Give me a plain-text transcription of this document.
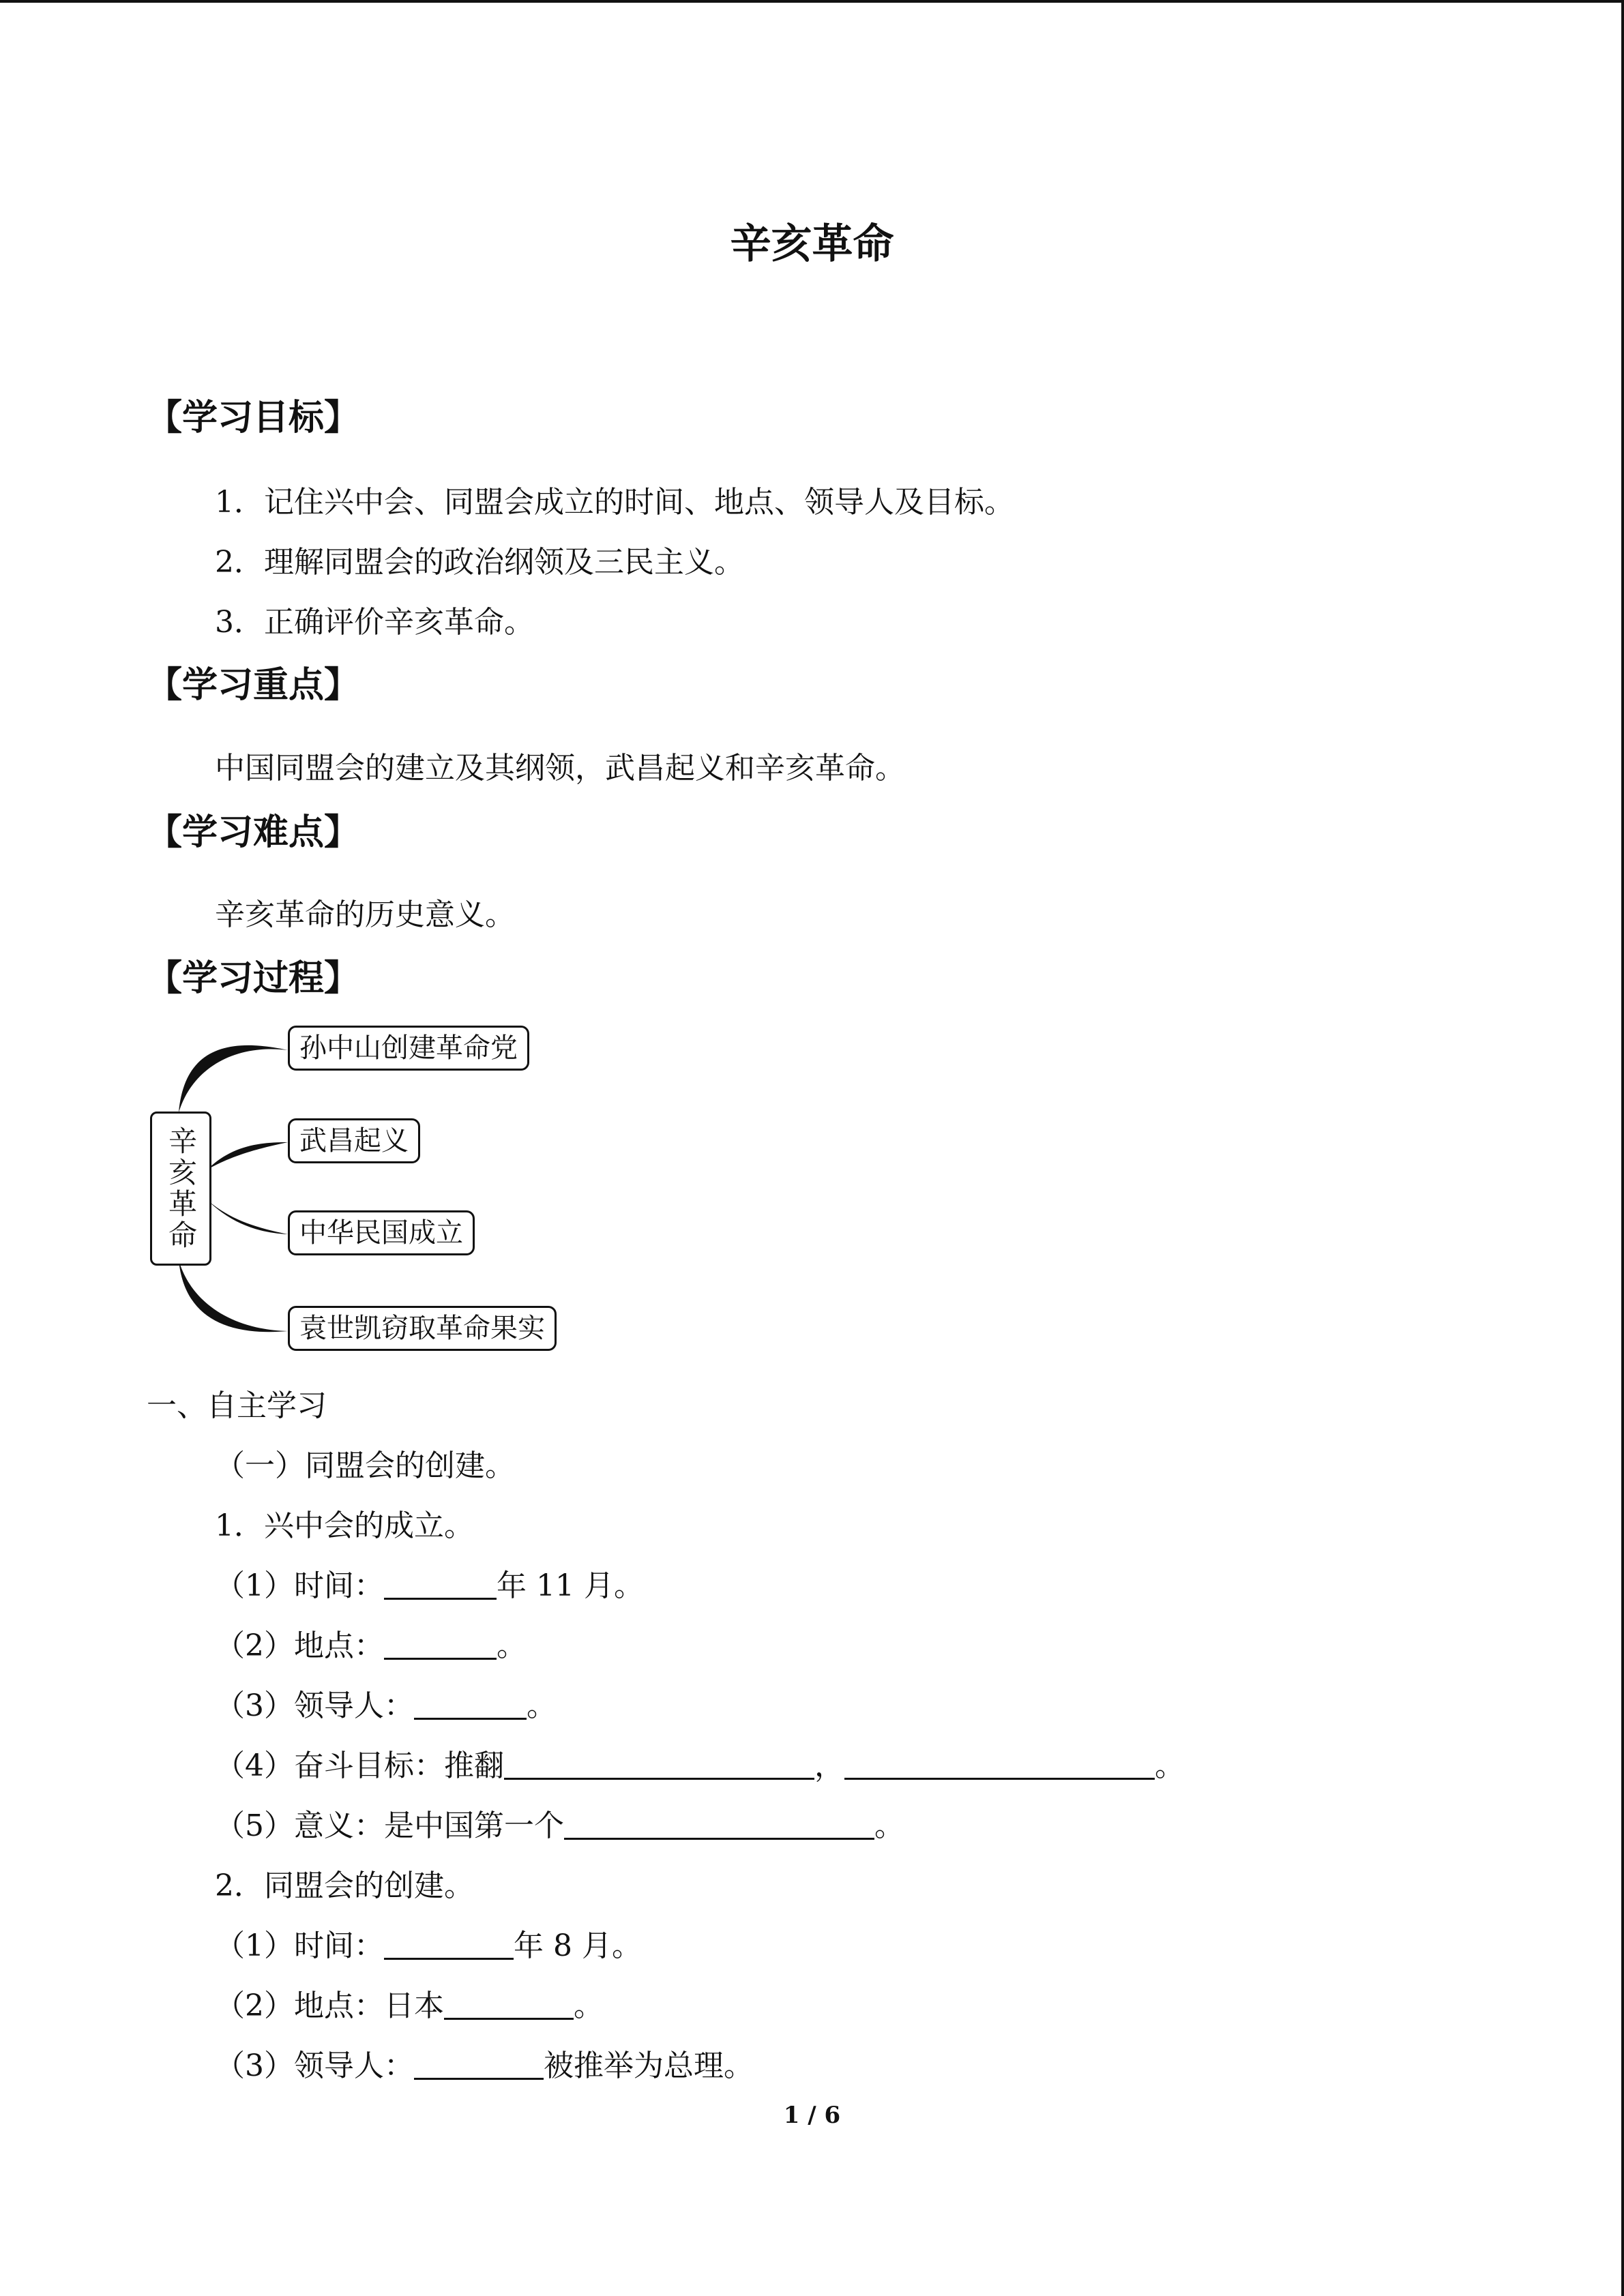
辛亥革命
【学习目标】
1．记住兴中会、同盟会成立的时间、地点、领导人及目标。
2．理解同盟会的政治纲领及三民主义。
3．正确评价辛亥革命。
【学习重点】
中国同盟会的建立及其纲领，武昌起义和辛亥革命。
【学习难点】
辛亥革命的历史意义。
【学习过程】
辛亥革命
孙中山创建革命党
武昌起义
中华民国成立
袁世凯窃取革命果实
一、自主学习
（一）同盟会的创建。
1．兴中会的成立。
（1）时间：	年 11 月。
（2）地点：	。
（3）领导人：	。
（4）奋斗目标：推翻	，	。
（5）意义：是中国第一个	。
2．同盟会的创建。
（1）时间：	年 8 月。
（2）地点：日本	。
（3）领导人：	被推举为总理。
1 / 6
